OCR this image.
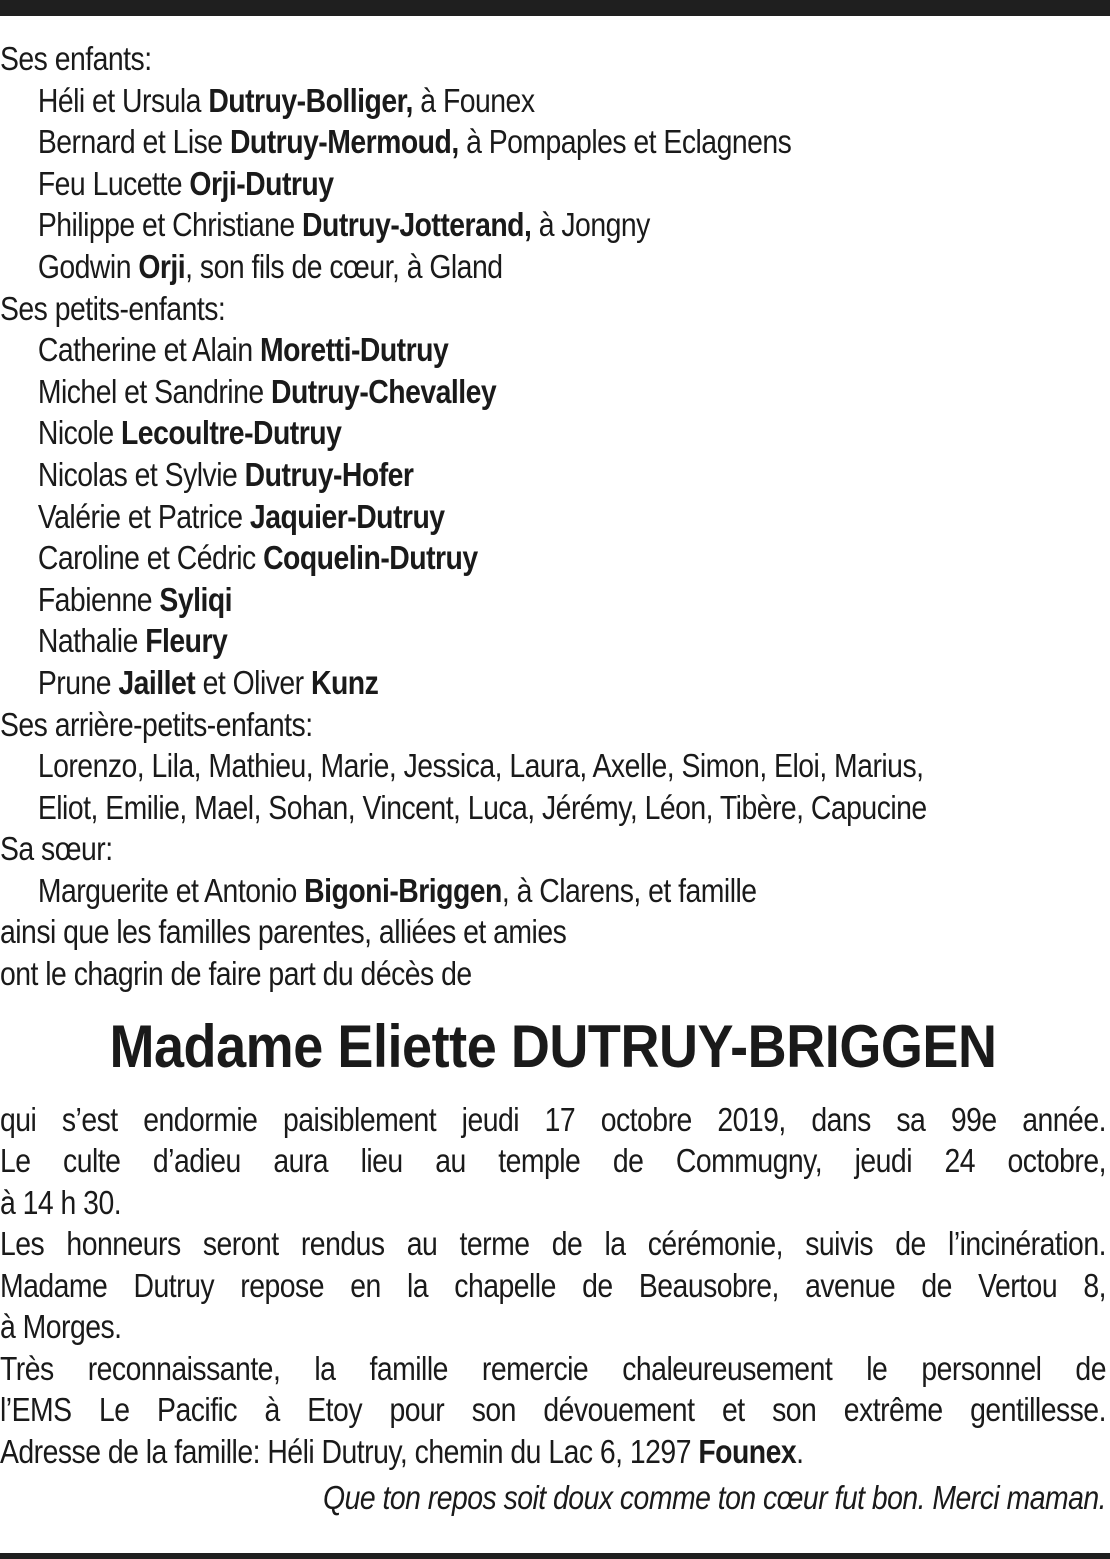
Ses enfants:
Héli et Ursula Dutruy-Bolliger, à Founex
Bernard et Lise Dutruy-Mermoud, à Pompaples et Eclagnens
Feu Lucette Orji-Dutruy
Philippe et Christiane Dutruy-Jotterand, à Jongny
Godwin Orji, son fils de cœur, à Gland
Ses petits-enfants:
Catherine et Alain Moretti-Dutruy
Michel et Sandrine Dutruy-Chevalley
Nicole Lecoultre-Dutruy
Nicolas et Sylvie Dutruy-Hofer
Valérie et Patrice Jaquier-Dutruy
Caroline et Cédric Coquelin-Dutruy
Fabienne Syliqi
Nathalie Fleury
Prune Jaillet et Oliver Kunz
Ses arrière-petits-enfants:
Lorenzo, Lila, Mathieu, Marie, Jessica, Laura, Axelle, Simon, Eloi, Marius,
Eliot, Emilie, Mael, Sohan, Vincent, Luca, Jérémy, Léon, Tibère, Capucine
Sa sœur:
Marguerite et Antonio Bigoni-Briggen, à Clarens, et famille
ainsi que les familles parentes, alliées et amies
ont le chagrin de faire part du décès de
Madame Eliette DUTRUY-BRIGGEN
qui s’est endormie paisiblement jeudi 17 octobre 2019, dans sa 99e année.
Le culte d’adieu aura lieu au temple de Commugny, jeudi 24 octobre,
à 14 h 30.
Les honneurs seront rendus au terme de la cérémonie, suivis de l’incinération.
Madame Dutruy repose en la chapelle de Beausobre, avenue de Vertou 8,
à Morges.
Très reconnaissante, la famille remercie chaleureusement le personnel de
l’EMS Le Pacific à Etoy pour son dévouement et son extrême gentillesse.
Adresse de la famille: Héli Dutruy, chemin du Lac 6, 1297 Founex.
Que ton repos soit doux comme ton cœur fut bon. Merci maman.
